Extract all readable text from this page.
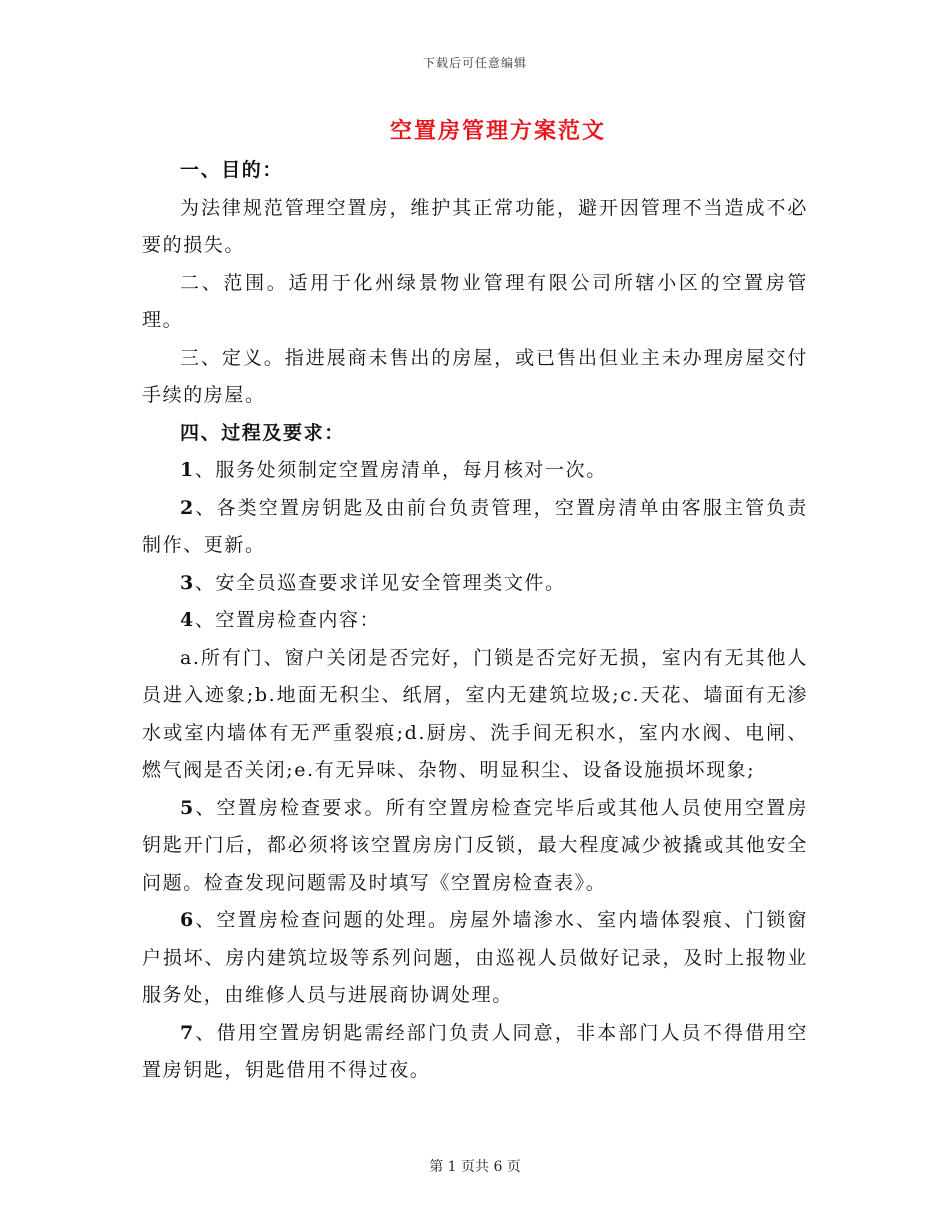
下载后可任意编辑
空置房管理方案范文

一、目的：

为法律规范管理空置房，维护其正常功能，避开因管理不当造成不必要的损失。

二、范围。适用于化州绿景物业管理有限公司所辖小区的空置房管理。

三、定义。指进展商未售出的房屋，或已售出但业主未办理房屋交付手续的房屋。

四、过程及要求：

1、服务处须制定空置房清单，每月核对一次。

2、各类空置房钥匙及由前台负责管理，空置房清单由客服主管负责制作、更新。

3、安全员巡查要求详见安全管理类文件。

4、空置房检查内容：

a.所有门、窗户关闭是否完好，门锁是否完好无损，室内有无其他人员进入迹象;b.地面无积尘、纸屑，室内无建筑垃圾;c.天花、墙面有无渗水或室内墙体有无严重裂痕;d.厨房、洗手间无积水，室内水阀、电闸、燃气阀是否关闭;e.有无异味、杂物、明显积尘、设备设施损坏现象;

5、空置房检查要求。所有空置房检查完毕后或其他人员使用空置房钥匙开门后，都必须将该空置房房门反锁，最大程度减少被撬或其他安全问题。检查发现问题需及时填写《空置房检查表》。

6、空置房检查问题的处理。房屋外墙渗水、室内墙体裂痕、门锁窗户损坏、房内建筑垃圾等系列问题，由巡视人员做好记录，及时上报物业服务处，由维修人员与进展商协调处理。

7、借用空置房钥匙需经部门负责人同意，非本部门人员不得借用空置房钥匙，钥匙借用不得过夜。

第 1 页共 6 页
